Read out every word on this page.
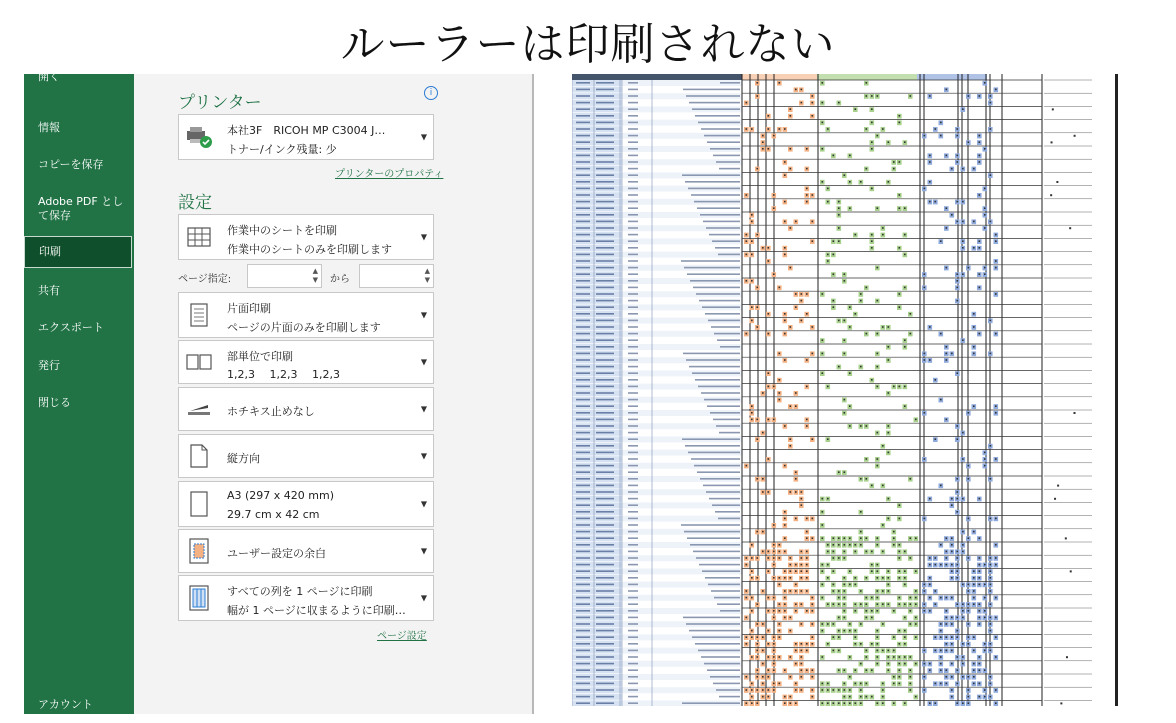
ルーラーは印刷されない
開く
情報
コピーを保存
Adobe PDF とし
て保存
印刷
共有
エクスポート
発行
閉じる
アカウント
プリンター	i
本社3F　RICOH MP C3004 J…
トナー/インク残量: 少
▼
プリンターのプロパティ
設定
作業中のシートを印刷
作業中のシートのみを印刷します
▼
ページ指定:
▲
▼ から
▲
▼
片面印刷
ページの片面のみを印刷します
▼
部単位で印刷
1,2,3　 1,2,3　 1,2,3
▼
ホチキス止めなし	▼
縦方向	▼
A3 (297 x 420 mm)
29.7 cm x 42 cm
▼
ユーザー設定の余白	▼
すべての列を 1 ページに印刷
幅が 1 ページに収まるように印刷…
▼
ページ設定
